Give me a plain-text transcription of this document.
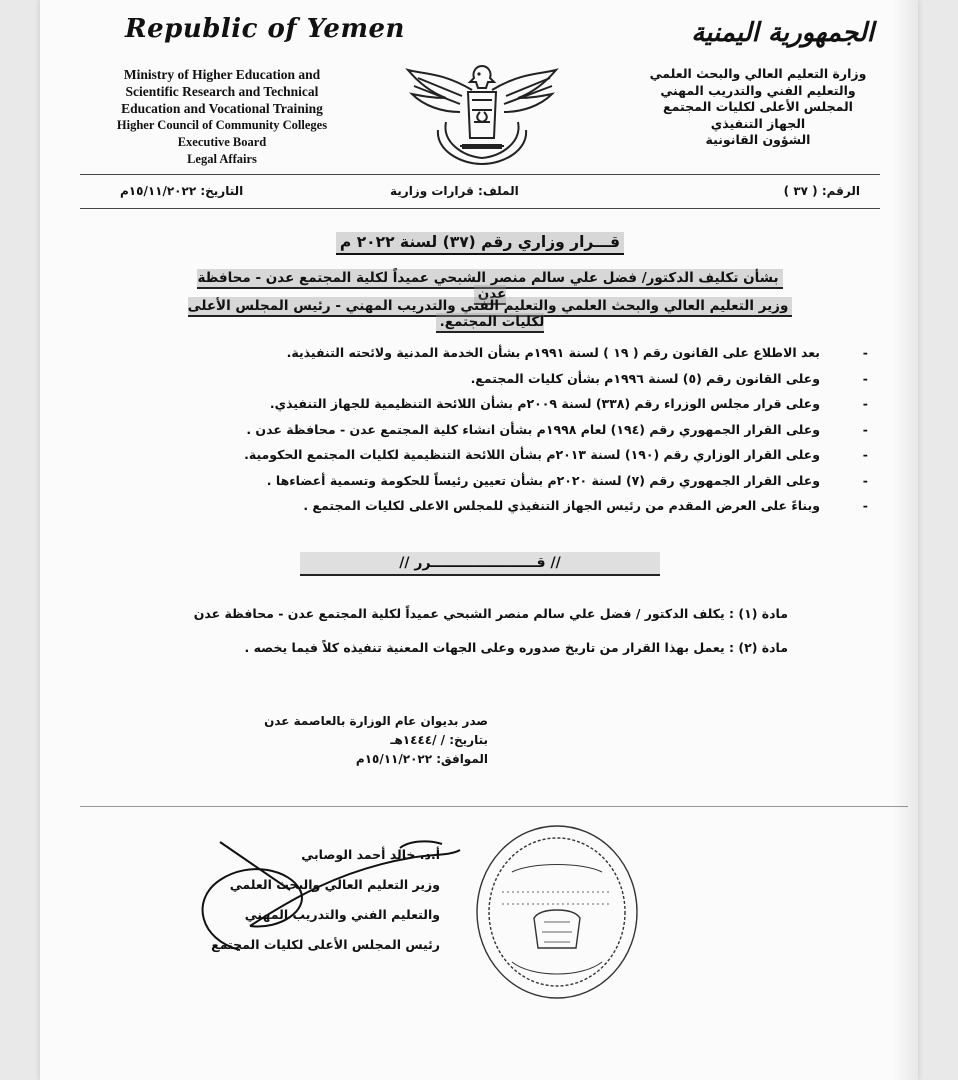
Republic of Yemen
Ministry of Higher Education and
Scientific Research and Technical
Education and Vocational Training
Higher Council of Community Colleges
Executive Board
Legal Affairs
الجمهورية اليمنية
وزارة التعليم العالي والبحث العلمي
والتعليم الفني والتدريب المهني
المجلس الأعلى لكليات المجتمع
الجهاز التنفيذي
الشؤون القانونية
التاريخ: ١٥/١١/٢٠٢٢م	الملف: قرارات وزارية	الرقم: ( ٣٧ )
قـــرار وزاري رقم (٣٧) لسنة ٢٠٢٢ م
بشأن تكليف الدكتور/ فضل علي سالم منصر الشبحي عميداً لكلية المجتمع عدن - محافظة عدن
وزير التعليم العالي والبحث العلمي والتعليم الفني والتدريب المهني - رئيس المجلس الأعلى لكليات المجتمع.
- بعد الاطلاع على القانون رقم ( ١٩ ) لسنة ١٩٩١م بشأن الخدمة المدنية ولائحته التنفيذية.
- وعلى القانون رقم (٥) لسنة ١٩٩٦م بشأن كليات المجتمع.
- وعلى قرار مجلس الوزراء رقم (٣٣٨) لسنة ٢٠٠٩م بشأن اللائحة التنظيمية للجهاز التنفيذي.
- وعلى القرار الجمهوري رقم (١٩٤) لعام ١٩٩٨م بشأن انشاء كلية المجتمع عدن - محافظة عدن .
- وعلى القرار الوزاري رقم (١٩٠) لسنة ٢٠١٣م بشأن اللائحة التنظيمية لكليات المجتمع الحكومية.
- وعلى القرار الجمهوري رقم (٧) لسنة ٢٠٢٠م بشأن تعيين رئيساً للحكومة وتسمية أعضاءها .
- وبناءً على العرض المقدم من رئيس الجهاز التنفيذي للمجلس الاعلى لكليات المجتمع .
// قــــــــــــــــــــــرر //
مادة (١) : يكلف الدكتور / فضل علي سالم منصر الشبحي عميداً لكلية المجتمع عدن - محافظة عدن
مادة (٢) : يعمل بهذا القرار من تاريخ صدوره وعلى الجهات المعنية تنفيذه كلاً فيما يخصه .
صدر بديوان عام الوزارة بالعاصمة عدن
بتاريخ: / /١٤٤٤هـ
الموافق: ١٥/١١/٢٠٢٢م
أ.د. خالد أحمد الوصابي
وزير التعليم العالي والبحث العلمي
والتعليم الفني والتدريب المهني
رئيس المجلس الأعلى لكليات المجتمع
